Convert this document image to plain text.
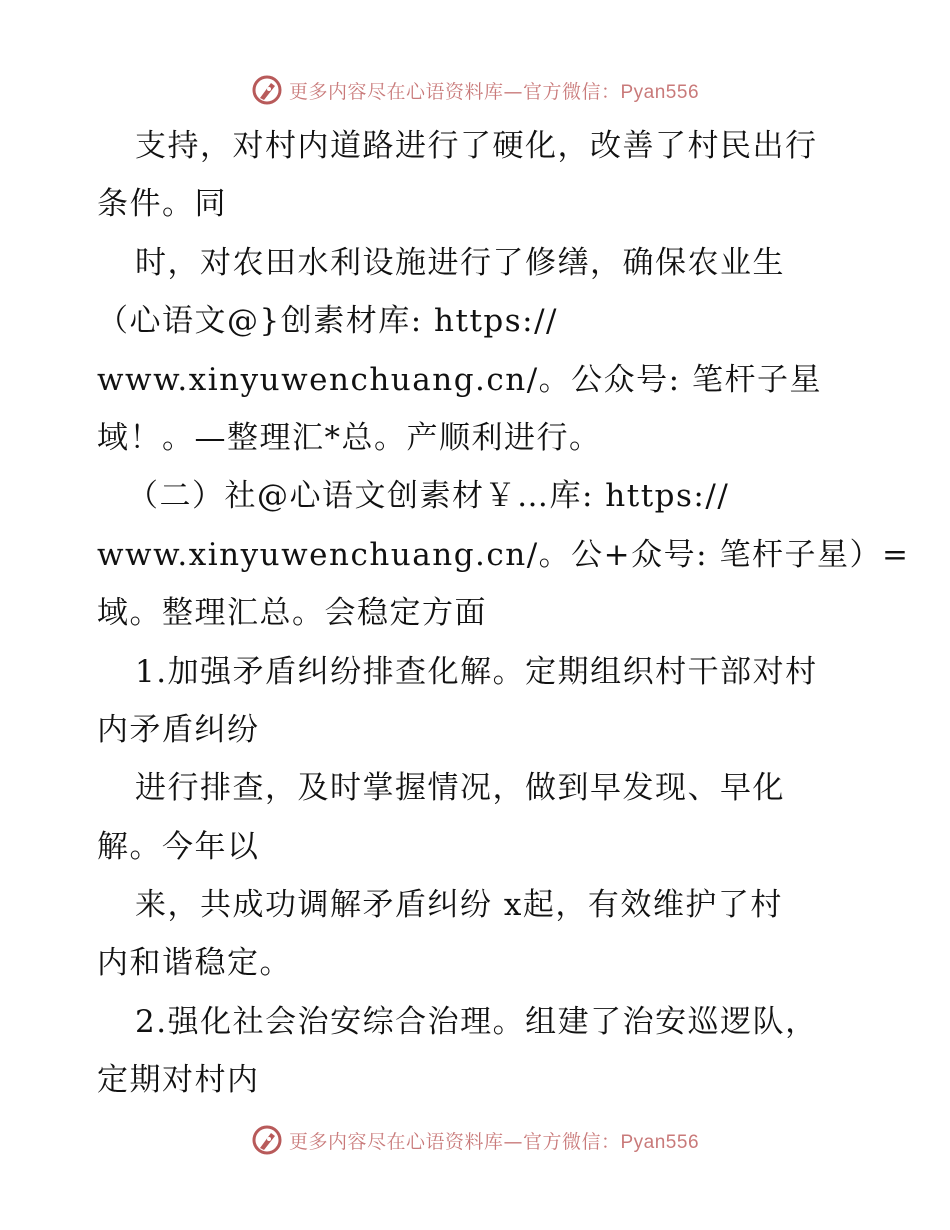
更多内容尽在心语资料库—官方微信：Pyan556
支持，对村内道路进行了硬化，改善了村民出行
条件。同
时，对农田水利设施进行了修缮，确保农业生
（心语文@}创素材库: https://
www.xinyuwenchuang.cn/。公众号: 笔杆子星
域！。—整理汇*总。产顺利进行。
（二）社@心语文创素材￥…库: https://
www.xinyuwenchuang.cn/。公+众号: 笔杆子星）=
域。整理汇总。会稳定方面
1.加强矛盾纠纷排查化解。定期组织村干部对村
内矛盾纠纷
进行排查，及时掌握情况，做到早发现、早化
解。今年以
来，共成功调解矛盾纠纷 x起，有效维护了村
内和谐稳定。
2.强化社会治安综合治理。组建了治安巡逻队，
定期对村内
更多内容尽在心语资料库—官方微信：Pyan556
